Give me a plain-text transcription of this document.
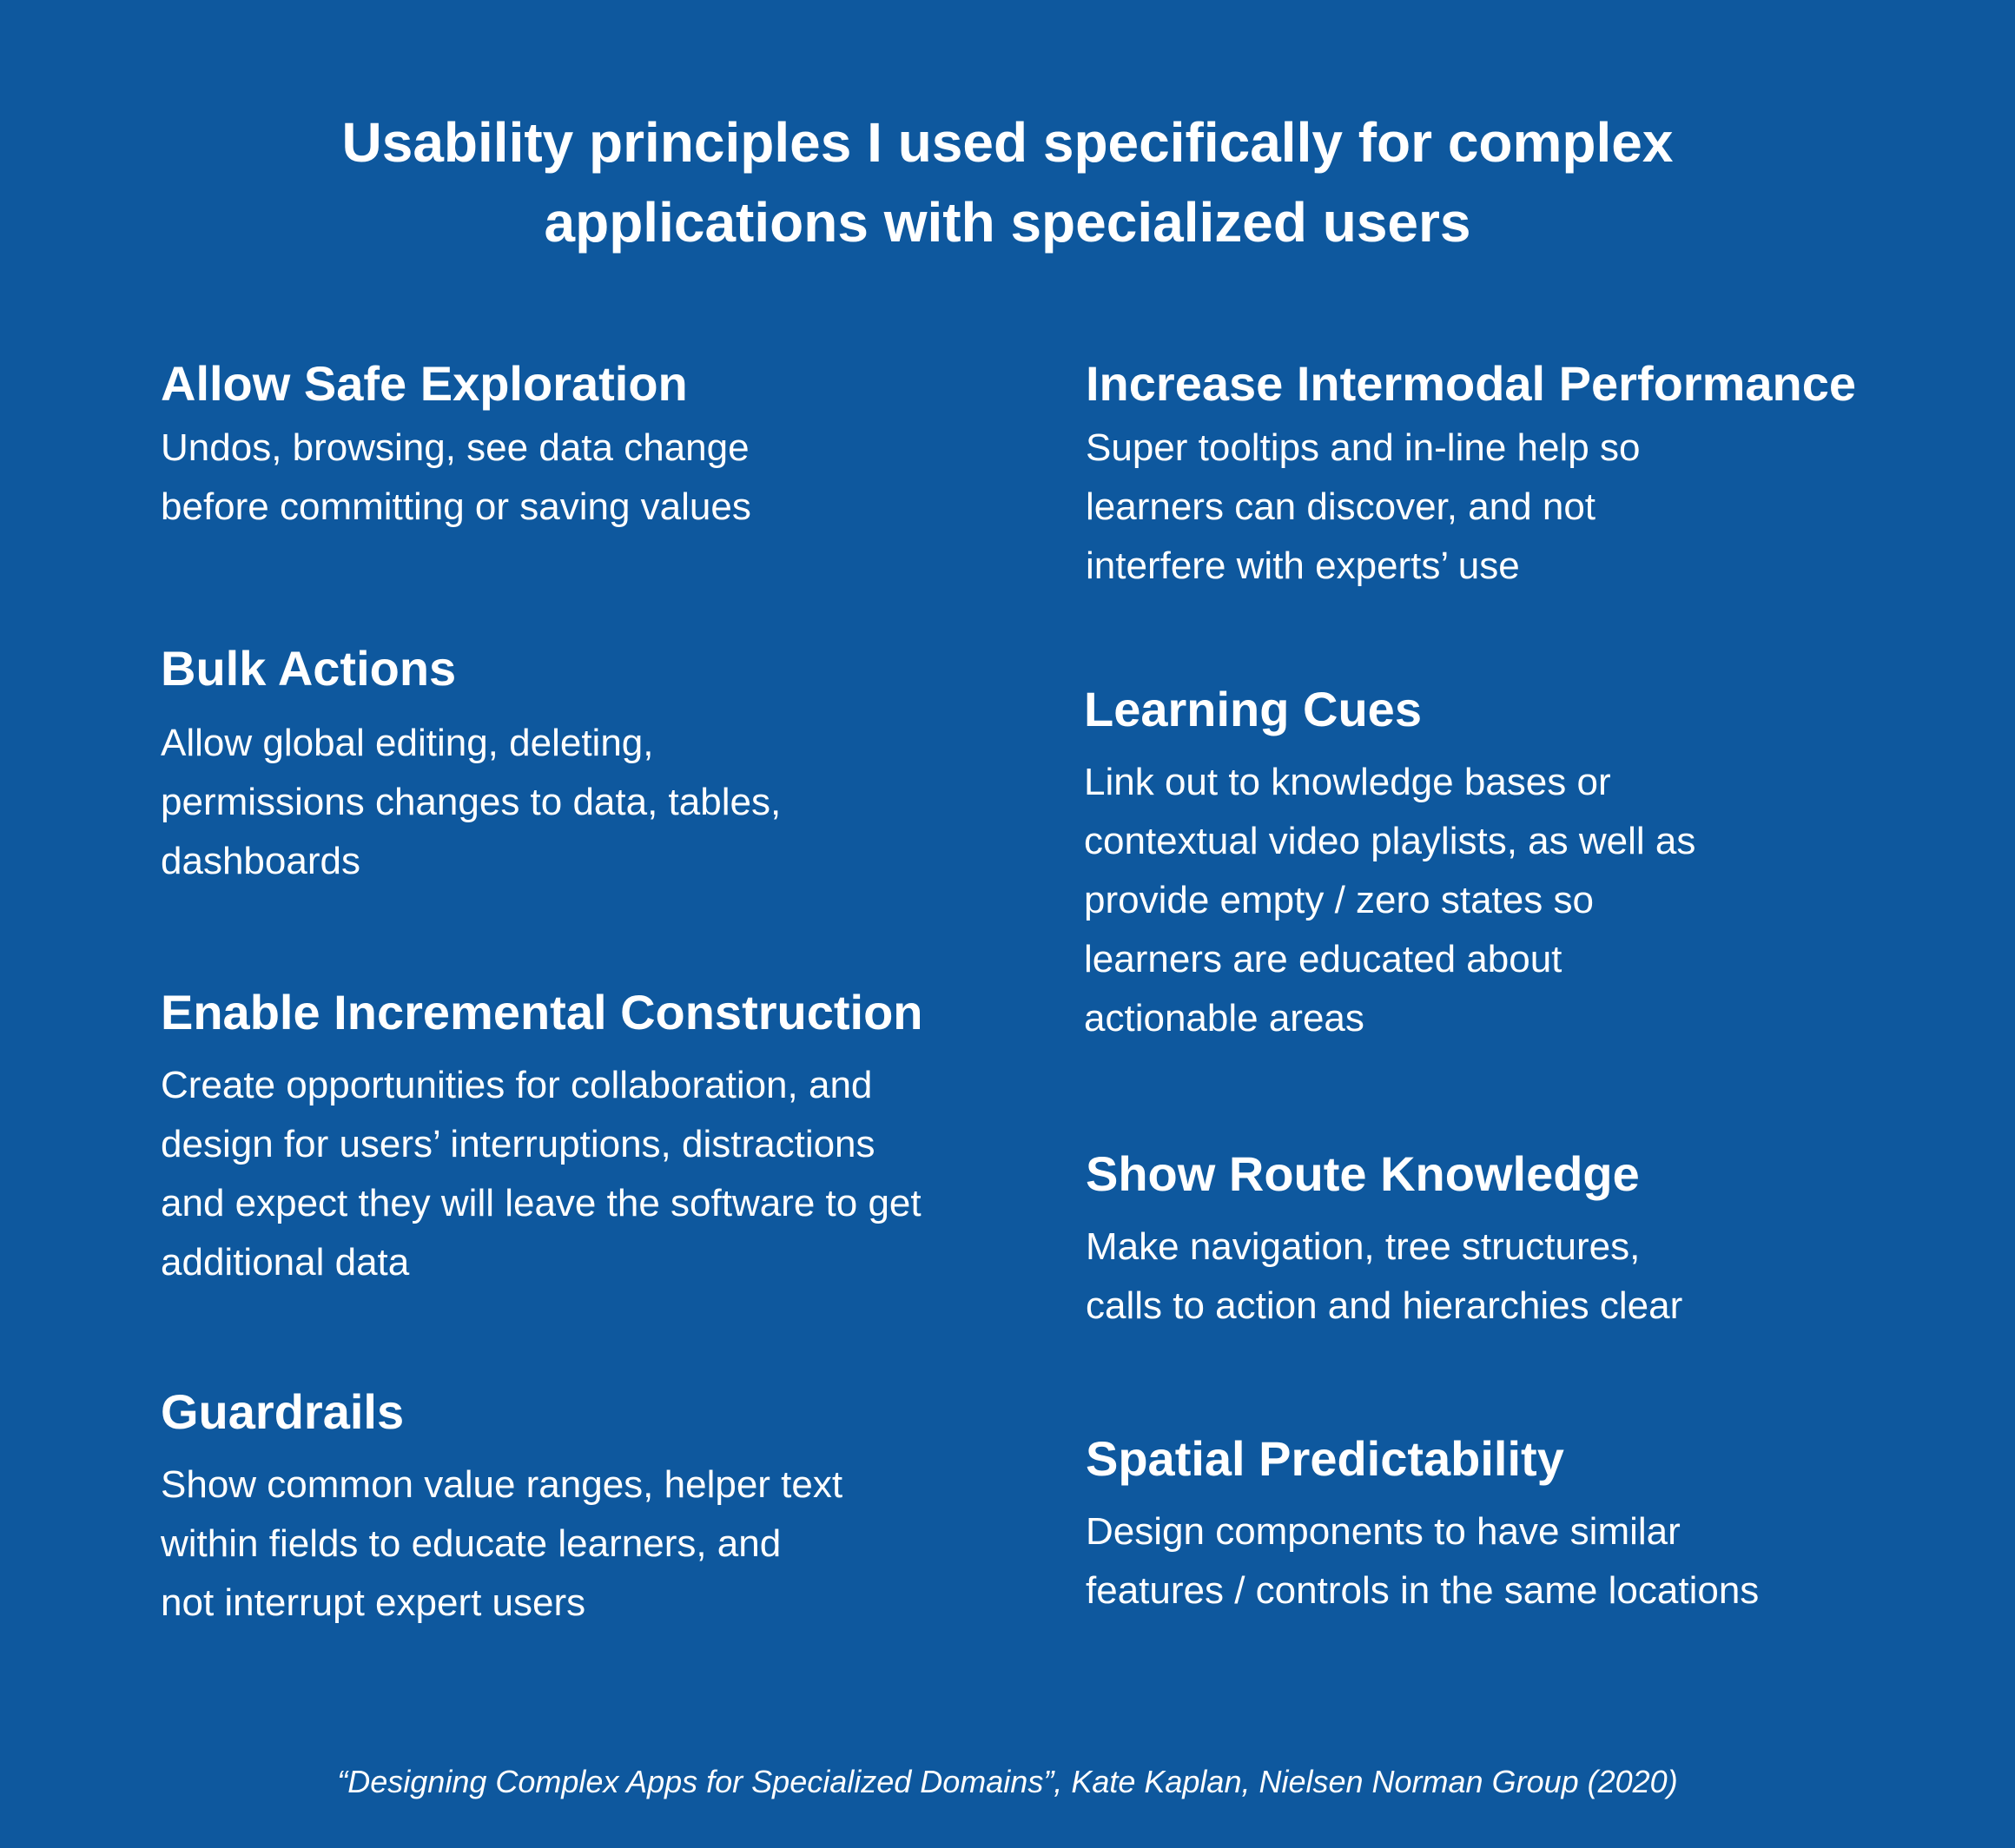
Usability principles I used specifically for complex
applications with specialized users
Allow Safe Exploration

Undos, browsing, see data change
before committing or saving values

Bulk Actions

Allow global editing, deleting,
permissions changes to data, tables,
dashboards

Enable Incremental Construction

Create opportunities for collaboration, and
design for users’ interruptions, distractions
and expect they will leave the software to get
additional data

Guardrails

Show common value ranges, helper text
within fields to educate learners, and
not interrupt expert users

Increase Intermodal Performance

Super tooltips and in-line help so
learners can discover, and not
interfere with experts’ use

Learning Cues

Link out to knowledge bases or
contextual video playlists, as well as
provide empty / zero states so
learners are educated about
actionable areas

Show Route Knowledge

Make navigation, tree structures,
calls to action and hierarchies clear

Spatial Predictability

Design components to have similar
features / controls in the same locations

“Designing Complex Apps for Specialized Domains”, Kate Kaplan, Nielsen Norman Group (2020)
